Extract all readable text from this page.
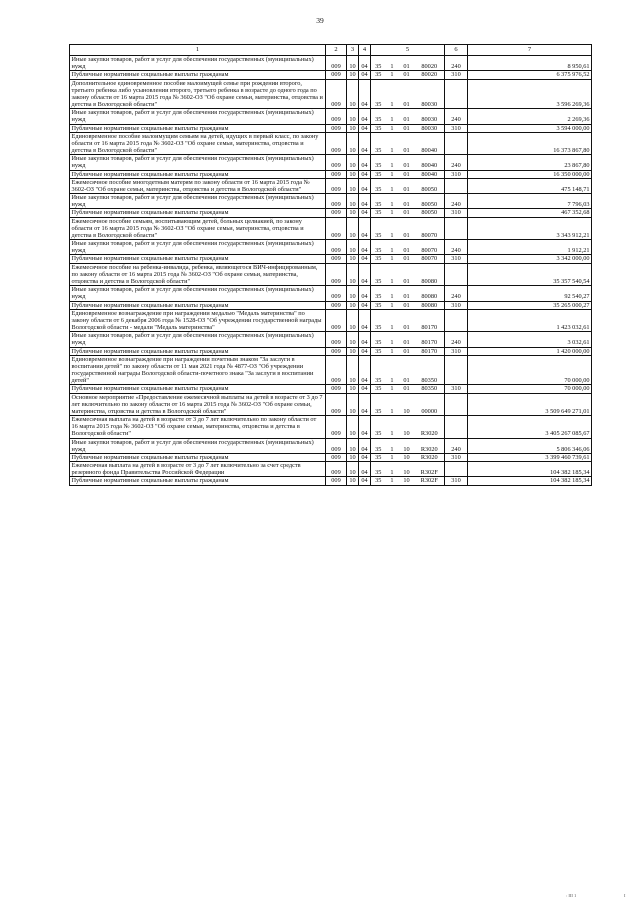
39
1	2	3	4	5				6	7
Иные закупки товаров, работ и услуг для обеспечения государственных (муниципальных) нужд	009	10	04	35	1	01	80020	240	8 950,61
Публичные нормативные социальные выплаты гражданам	009	10	04	35	1	01	80020	310	6 375 976,52
Дополнительное единовременное пособие малоимущей семье при рождении второго, третьего ребенка либо усыновлении второго, третьего ребенка в возрасте до одного года по закону области от 16 марта 2015 года № 3602-ОЗ "Об охране семьи, материнства, отцовства и детства в Вологодской области"	009	10	04	35	1	01	80030		3 596 269,36
Иные закупки товаров, работ и услуг для обеспечения государственных (муниципальных) нужд	009	10	04	35	1	01	80030	240	2 269,36
Публичные нормативные социальные выплаты гражданам	009	10	04	35	1	01	80030	310	3 594 000,00
Единовременное пособие малоимущим семьям на детей, идущих в первый класс, по закону области от 16 марта 2015 года № 3602-ОЗ "Об охране семьи, материнства, отцовства и детства в Вологодской области"	009	10	04	35	1	01	80040		16 373 867,80
Иные закупки товаров, работ и услуг для обеспечения государственных (муниципальных) нужд	009	10	04	35	1	01	80040	240	23 867,80
Публичные нормативные социальные выплаты гражданам	009	10	04	35	1	01	80040	310	16 350 000,00
Ежемесячное пособие многодетным матерям по закону области от 16 марта 2015 года № 3602-ОЗ "Об охране семьи, материнства, отцовства и детства в Вологодской области"	009	10	04	35	1	01	80050		475 148,71
Иные закупки товаров, работ и услуг для обеспечения государственных (муниципальных) нужд	009	10	04	35	1	01	80050	240	7 796,03
Публичные нормативные социальные выплаты гражданам	009	10	04	35	1	01	80050	310	467 352,68
Ежемесячное пособие семьям, воспитывающим детей, больных целиакией, по закону области от 16 марта 2015 года № 3602-ОЗ "Об охране семьи, материнства, отцовства и детства в Вологодской области"	009	10	04	35	1	01	80070		3 343 912,21
Иные закупки товаров, работ и услуг для обеспечения государственных (муниципальных) нужд	009	10	04	35	1	01	80070	240	1 912,21
Публичные нормативные социальные выплаты гражданам	009	10	04	35	1	01	80070	310	3 342 000,00
Ежемесячное пособие на ребенка-инвалида, ребенка, являющегося ВИЧ-инфицированным, по закону области от 16 марта 2015 года № 3602-ОЗ "Об охране семьи, материнства, отцовства и детства в Вологодской области"	009	10	04	35	1	01	80080		35 357 540,54
Иные закупки товаров, работ и услуг для обеспечения государственных (муниципальных) нужд	009	10	04	35	1	01	80080	240	92 540,27
Публичные нормативные социальные выплаты гражданам	009	10	04	35	1	01	80080	310	35 265 000,27
Единовременное вознаграждение при награждении медалью "Медаль материнства" по закону области от 6 декабря 2006 года № 1528-ОЗ "Об учреждении государственной награды Вологодской области - медали "Медаль материнства"	009	10	04	35	1	01	80170		1 423 032,61
Иные закупки товаров, работ и услуг для обеспечения государственных (муниципальных) нужд	009	10	04	35	1	01	80170	240	3 032,61
Публичные нормативные социальные выплаты гражданам	009	10	04	35	1	01	80170	310	1 420 000,00
Единовременное вознаграждение при награждении почетным знаком "За заслуги в воспитании детей" по закону области от 11 мая 2021 года № 4877-ОЗ "Об учреждении государственной награды Вологодской области-почетного знака "За заслуги в воспитании детей"	009	10	04	35	1	01	80350		70 000,00
Публичные нормативные социальные выплаты гражданам	009	10	04	35	1	01	80350	310	70 000,00
Основное мероприятие «Предоставление ежемесячной выплаты на детей в возрасте от 3 до 7 лет включительно по закону области от 16 марта 2015 года № 3602-ОЗ "Об охране семьи, материнства, отцовства и детства в Вологодской области"	009	10	04	35	1	10	00000		3 509 649 271,01
Ежемесячная выплата на детей в возрасте от 3 до 7 лет включительно по закону области от 16 марта 2015 года № 3602-ОЗ "Об охране семьи, материнства, отцовства и детства в Вологодской области"	009	10	04	35	1	10	R3020		3 405 267 085,67
Иные закупки товаров, работ и услуг для обеспечения государственных (муниципальных) нужд	009	10	04	35	1	10	R3020	240	5 806 346,06
Публичные нормативные социальные выплаты гражданам	009	10	04	35	1	10	R3020	310	3 399 460 739,61
Ежемесячная выплата на детей в возрасте от 3 до 7 лет включительно за счет средств резервного фонда Правительства Российской Федерации	009	10	04	35	1	10	R302F		104 382 185,34
Публичные нормативные социальные выплаты гражданам	009	10	04	35	1	10	R302F	310	104 382 185,34
: III 1	I
